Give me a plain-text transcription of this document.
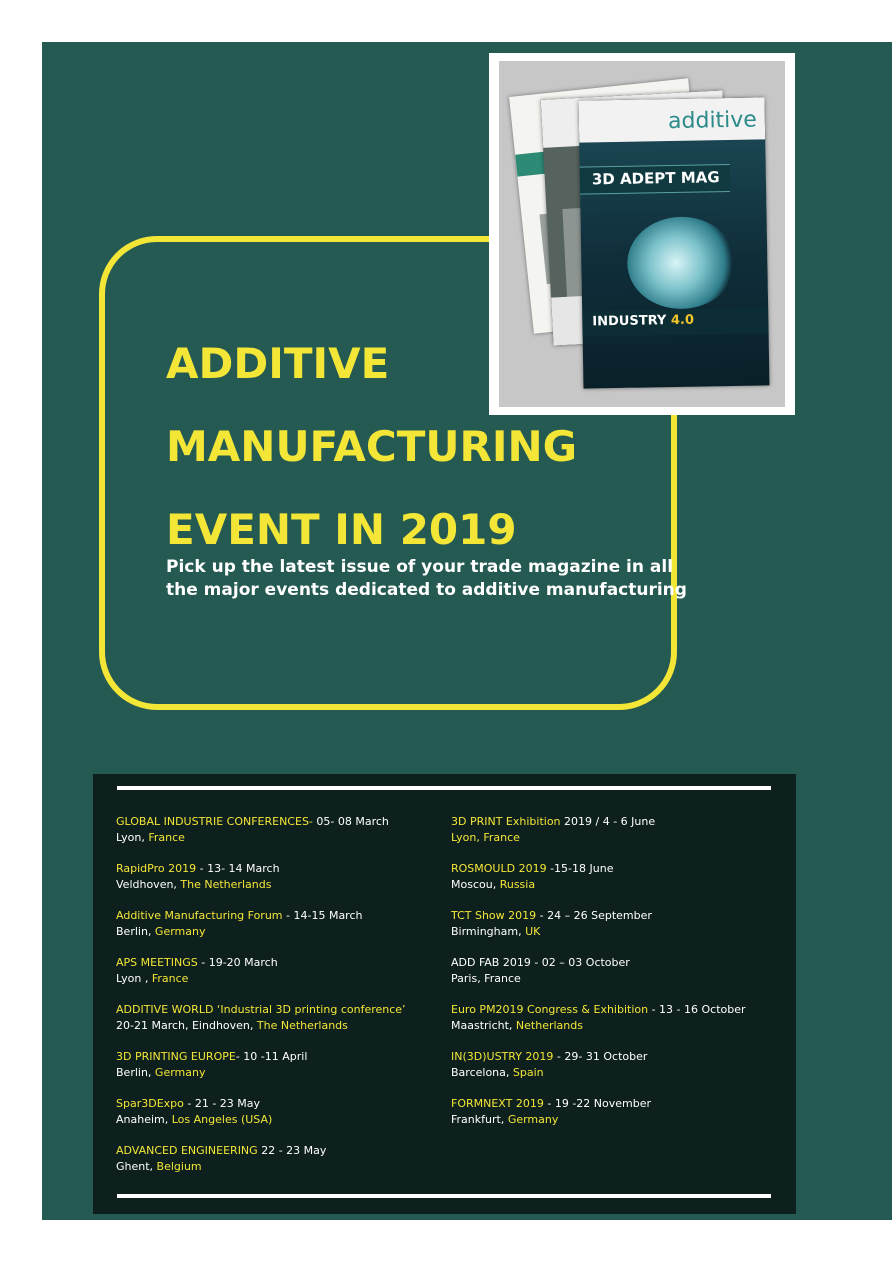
ADDITIVE
MANUFACTURING
EVENT IN 2019
Pick up the latest issue of your trade magazine in all
the major events dedicated to additive manufacturing
additive
3D ADEPT MAG
INDUSTRY 4.0
GLOBAL INDUSTRIE CONFERENCES- 05- 08 March
Lyon, France
RapidPro 2019 - 13- 14 March
Veldhoven, The Netherlands
Additive Manufacturing Forum - 14-15 March
Berlin, Germany
APS MEETINGS - 19-20 March
Lyon , France
ADDITIVE WORLD ‘Industrial 3D printing conference’
20-21 March, Eindhoven, The Netherlands
3D PRINTING EUROPE- 10 -11 April
Berlin, Germany
Spar3DExpo - 21 - 23 May
Anaheim, Los Angeles (USA)
ADVANCED ENGINEERING 22 - 23 May
Ghent, Belgium
3D PRINT Exhibition 2019 / 4 - 6 June
Lyon, France
ROSMOULD 2019 -15-18 June
Moscou, Russia
TCT Show 2019 - 24 – 26 September
Birmingham, UK
ADD FAB 2019 - 02 – 03 October
Paris, France
Euro PM2019 Congress & Exhibition - 13 - 16 October
Maastricht, Netherlands
IN(3D)USTRY 2019 - 29- 31 October
Barcelona, Spain
FORMNEXT 2019 - 19 -22 November
Frankfurt, Germany
